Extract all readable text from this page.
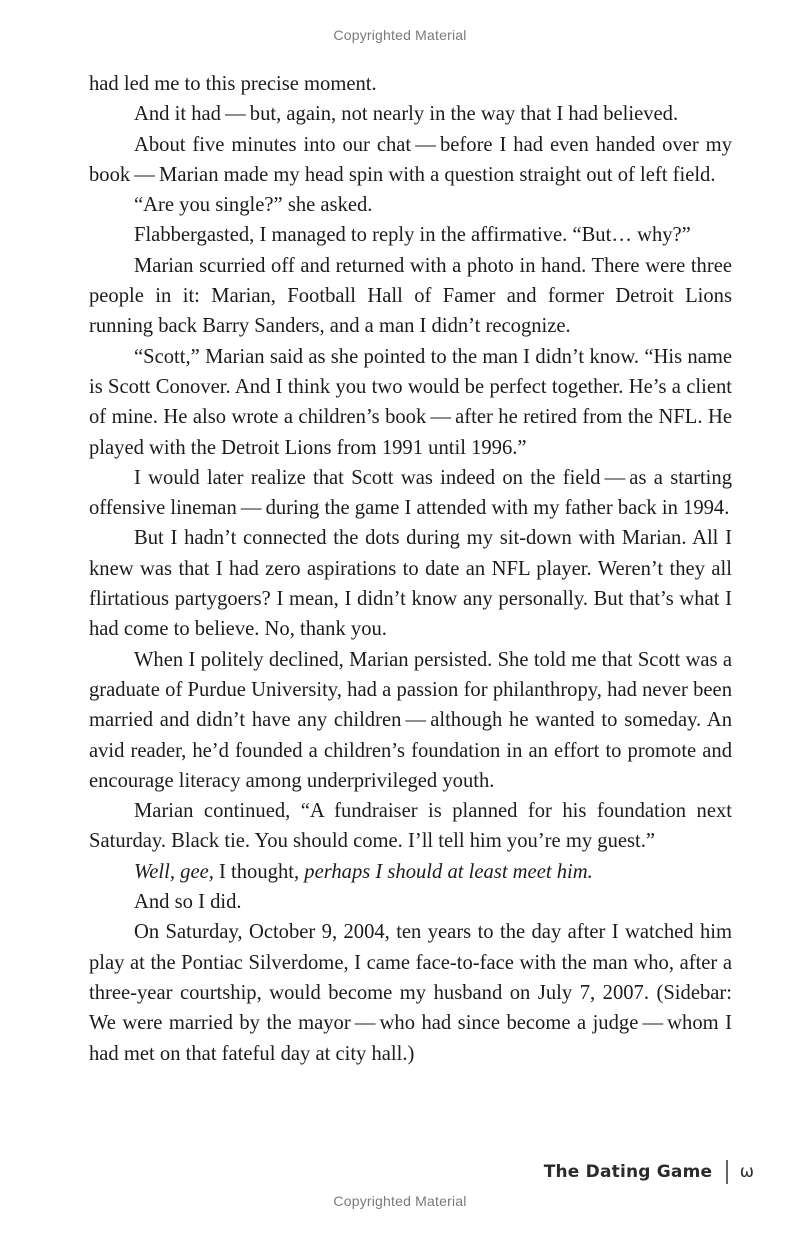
Copyrighted Material

had led me to this precise moment.

And it had — but, again, not nearly in the way that I had believed.

About five minutes into our chat — before I had even handed over my book — Marian made my head spin with a question straight out of left field.

“Are you single?” she asked.

Flabbergasted, I managed to reply in the affirmative. “But… why?”

Marian scurried off and returned with a photo in hand. There were three people in it: Marian, Football Hall of Famer and former Detroit Lions running back Barry Sanders, and a man I didn’t recognize.

“Scott,” Marian said as she pointed to the man I didn’t know. “His name is Scott Conover. And I think you two would be perfect together. He’s a client of mine. He also wrote a children’s book — after he retired from the NFL. He played with the Detroit Lions from 1991 until 1996.”

I would later realize that Scott was indeed on the field — as a starting offensive lineman — during the game I attended with my father back in 1994.

But I hadn’t connected the dots during my sit-down with Marian. All I knew was that I had zero aspirations to date an NFL player. Weren’t they all flirtatious partygoers? I mean, I didn’t know any personally. But that’s what I had come to believe. No, thank you.

When I politely declined, Marian persisted. She told me that Scott was a graduate of Purdue University, had a passion for philanthropy, had never been married and didn’t have any children — although he wanted to someday. An avid reader, he’d founded a children’s foundation in an effort to promote and encourage literacy among underprivileged youth.

Marian continued, “A fundraiser is planned for his foundation next Saturday. Black tie. You should come. I’ll tell him you’re my guest.”

Well, gee, I thought, perhaps I should at least meet him.

And so I did.

On Saturday, October 9, 2004, ten years to the day after I watched him play at the Pontiac Silverdome, I came face-to-face with the man who, after a three-year courtship, would become my husband on July 7, 2007. (Sidebar: We were married by the mayor — who had since become a judge — whom I had met on that fateful day at city hall.)

The Dating Game ω
Copyrighted Material
